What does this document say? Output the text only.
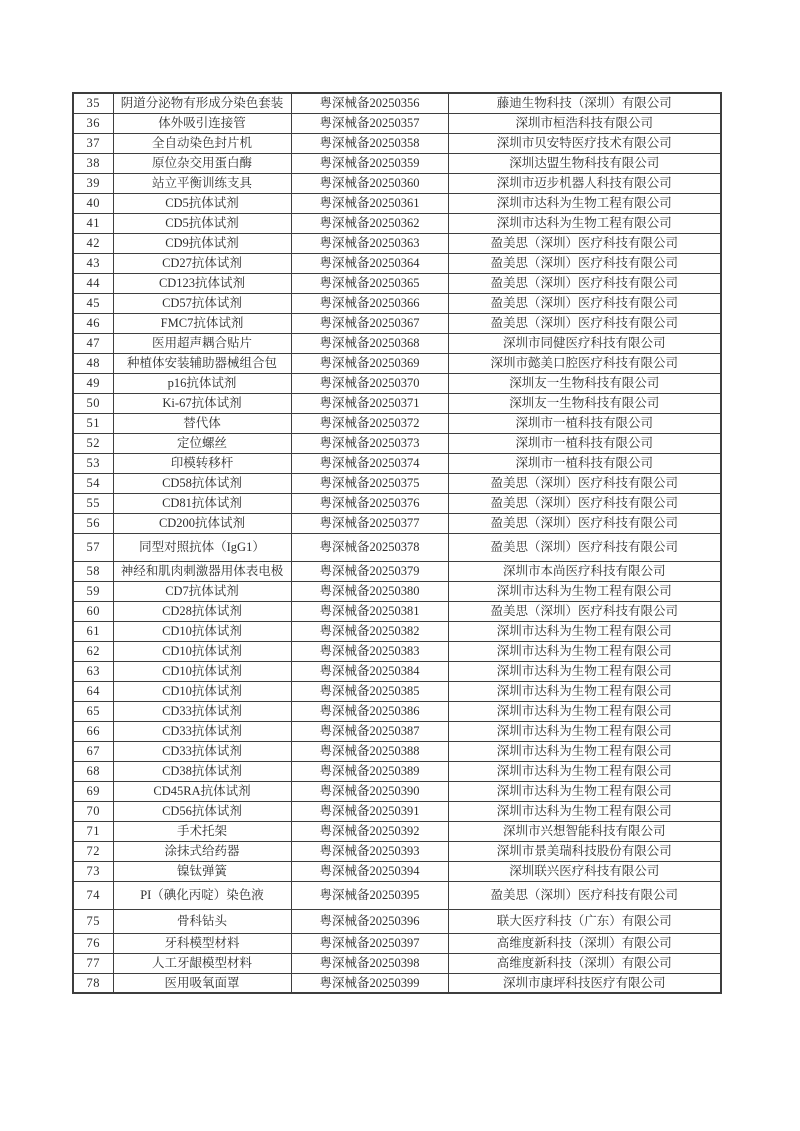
35	阴道分泌物有形成分染色套装	粤深械备20250356	藤迪生物科技（深圳）有限公司
36	体外吸引连接管	粤深械备20250357	深圳市桓浩科技有限公司
37	全自动染色封片机	粤深械备20250358	深圳市贝安特医疗技术有限公司
38	原位杂交用蛋白酶	粤深械备20250359	深圳达盟生物科技有限公司
39	站立平衡训练支具	粤深械备20250360	深圳市迈步机器人科技有限公司
40	CD5抗体试剂	粤深械备20250361	深圳市达科为生物工程有限公司
41	CD5抗体试剂	粤深械备20250362	深圳市达科为生物工程有限公司
42	CD9抗体试剂	粤深械备20250363	盈美思（深圳）医疗科技有限公司
43	CD27抗体试剂	粤深械备20250364	盈美思（深圳）医疗科技有限公司
44	CD123抗体试剂	粤深械备20250365	盈美思（深圳）医疗科技有限公司
45	CD57抗体试剂	粤深械备20250366	盈美思（深圳）医疗科技有限公司
46	FMC7抗体试剂	粤深械备20250367	盈美思（深圳）医疗科技有限公司
47	医用超声耦合贴片	粤深械备20250368	深圳市同健医疗科技有限公司
48	种植体安装辅助器械组合包	粤深械备20250369	深圳市懿美口腔医疗科技有限公司
49	p16抗体试剂	粤深械备20250370	深圳友一生物科技有限公司
50	Ki-67抗体试剂	粤深械备20250371	深圳友一生物科技有限公司
51	替代体	粤深械备20250372	深圳市一植科技有限公司
52	定位螺丝	粤深械备20250373	深圳市一植科技有限公司
53	印模转移杆	粤深械备20250374	深圳市一植科技有限公司
54	CD58抗体试剂	粤深械备20250375	盈美思（深圳）医疗科技有限公司
55	CD81抗体试剂	粤深械备20250376	盈美思（深圳）医疗科技有限公司
56	CD200抗体试剂	粤深械备20250377	盈美思（深圳）医疗科技有限公司
57	同型对照抗体（IgG1）	粤深械备20250378	盈美思（深圳）医疗科技有限公司
58	神经和肌肉刺激器用体表电极	粤深械备20250379	深圳市本尚医疗科技有限公司
59	CD7抗体试剂	粤深械备20250380	深圳市达科为生物工程有限公司
60	CD28抗体试剂	粤深械备20250381	盈美思（深圳）医疗科技有限公司
61	CD10抗体试剂	粤深械备20250382	深圳市达科为生物工程有限公司
62	CD10抗体试剂	粤深械备20250383	深圳市达科为生物工程有限公司
63	CD10抗体试剂	粤深械备20250384	深圳市达科为生物工程有限公司
64	CD10抗体试剂	粤深械备20250385	深圳市达科为生物工程有限公司
65	CD33抗体试剂	粤深械备20250386	深圳市达科为生物工程有限公司
66	CD33抗体试剂	粤深械备20250387	深圳市达科为生物工程有限公司
67	CD33抗体试剂	粤深械备20250388	深圳市达科为生物工程有限公司
68	CD38抗体试剂	粤深械备20250389	深圳市达科为生物工程有限公司
69	CD45RA抗体试剂	粤深械备20250390	深圳市达科为生物工程有限公司
70	CD56抗体试剂	粤深械备20250391	深圳市达科为生物工程有限公司
71	手术托架	粤深械备20250392	深圳市兴想智能科技有限公司
72	涂抹式给药器	粤深械备20250393	深圳市景美瑞科技股份有限公司
73	镍钛弹簧	粤深械备20250394	深圳联兴医疗科技有限公司
74	PI（碘化丙啶）染色液	粤深械备20250395	盈美思（深圳）医疗科技有限公司
75	骨科钻头	粤深械备20250396	联大医疗科技（广东）有限公司
76	牙科模型材料	粤深械备20250397	高维度新科技（深圳）有限公司
77	人工牙龈模型材料	粤深械备20250398	高维度新科技（深圳）有限公司
78	医用吸氧面罩	粤深械备20250399	深圳市康坪科技医疗有限公司
